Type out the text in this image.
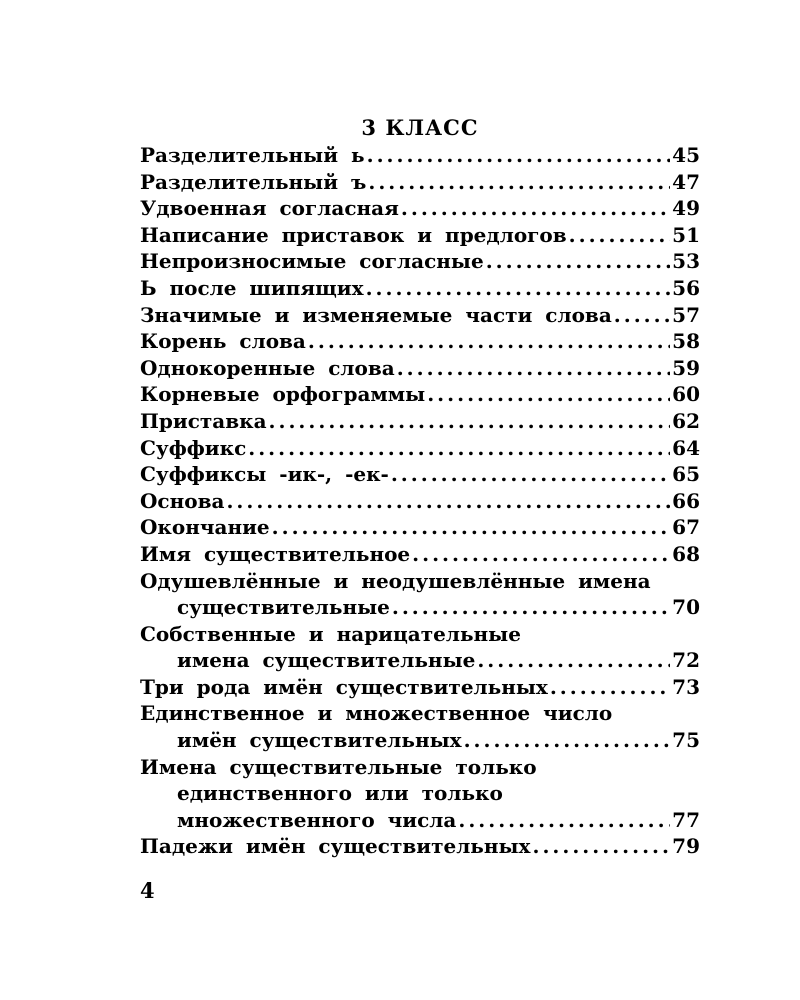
3 КЛАСС
Разделительный ь .....	45
Разделительный ъ .....	47
Удвоенная согласная .....	49
Написание приставок и предлогов .....	51
Непроизносимые согласные .....	53
Ь после шипящих .....	56
Значимые и изменяемые части слова .....	57
Корень слова .....	58
Однокоренные слова .....	59
Корневые орфограммы .....	60
Приставка .....	62
Суффикс .....	64
Суффиксы -ик-, -ек- .....	65
Основа .....	66
Окончание .....	67
Имя существительное .....	68
Одушевлённые и неодушевлённые имена
существительные .....	70
Собственные и нарицательные
имена существительные .....	72
Три рода имён существительных .....	73
Единственное и множественное число
имён существительных .....	75
Имена существительные только
единственного или только
множественного числа .....	77
Падежи имён существительных .....	79
4
